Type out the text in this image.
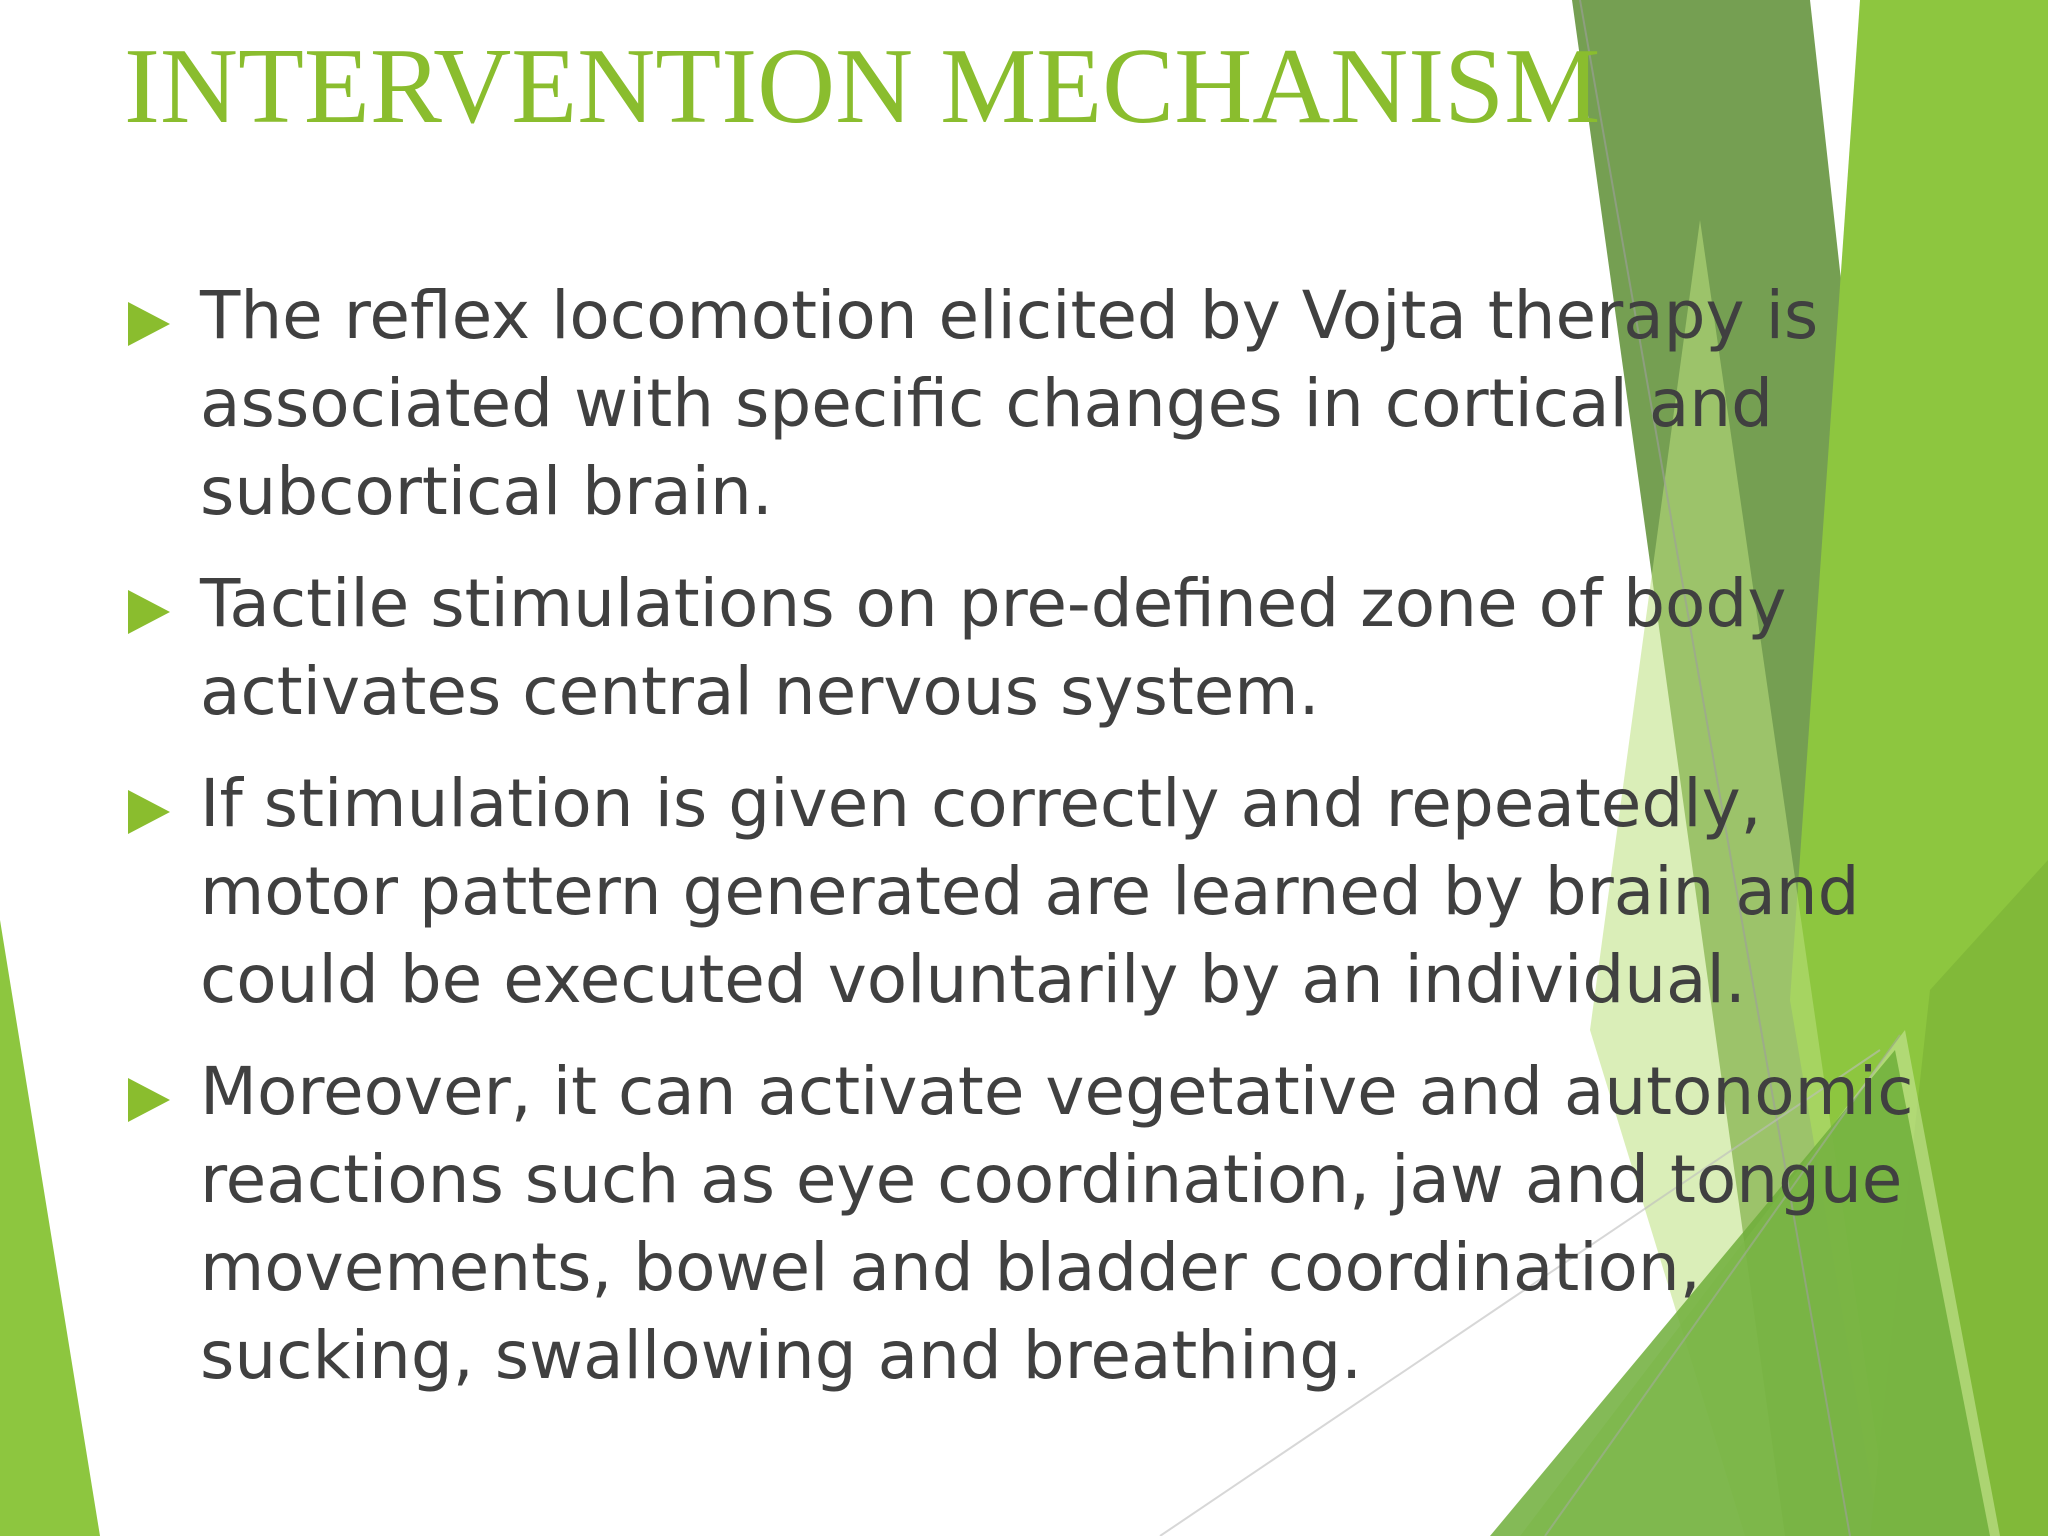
INTERVENTION MECHANISM
The reflex locomotion elicited by Vojta therapy is associated with specific changes in cortical and subcortical brain.
Tactile stimulations on pre-defined zone of body activates central nervous system.
If stimulation is given correctly and repeatedly, motor pattern generated are learned by brain and could be executed voluntarily by an individual.
Moreover, it can activate vegetative and autonomic reactions such as eye coordination, jaw and tongue movements, bowel and bladder coordination, sucking, swallowing and breathing.
